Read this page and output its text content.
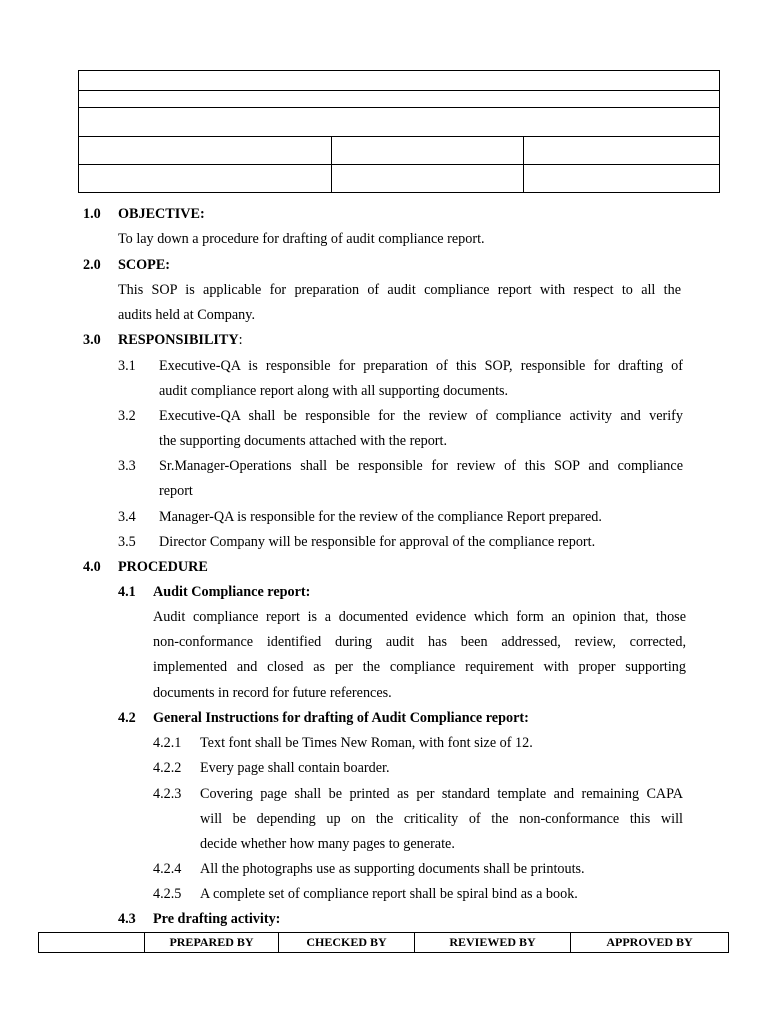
1.0 OBJECTIVE:
To lay down a procedure for drafting of audit compliance report.
2.0 SCOPE:
This SOP is applicable for preparation of audit compliance report with respect to all the
audits held at Company.
3.0 RESPONSIBILITY:
3.1 Executive-QA is responsible for preparation of this SOP, responsible for drafting of
audit compliance report along with all supporting documents.
3.2 Executive-QA shall be responsible for the review of compliance activity and verify
the supporting documents attached with the report.
3.3 Sr.Manager-Operations shall be responsible for review of this SOP and compliance
report
3.4 Manager-QA is responsible for the review of the compliance Report prepared.
3.5 Director Company will be responsible for approval of the compliance report.
4.0 PROCEDURE
4.1 Audit Compliance report:
Audit compliance report is a documented evidence which form an opinion that, those
non-conformance identified during audit has been addressed, review, corrected,
implemented and closed as per the compliance requirement with proper supporting
documents in record for future references.
4.2 General Instructions for drafting of Audit Compliance report:
4.2.1 Text font shall be Times New Roman, with font size of 12.
4.2.2 Every page shall contain boarder.
4.2.3 Covering page shall be printed as per standard template and remaining CAPA
will be depending up on the criticality of the non-conformance this will
decide whether how many pages to generate.
4.2.4 All the photographs use as supporting documents shall be printouts.
4.2.5 A complete set of compliance report shall be spiral bind as a book.
4.3 Pre drafting activity:
	PREPARED BY	CHECKED BY	REVIEWED BY	APPROVED BY
